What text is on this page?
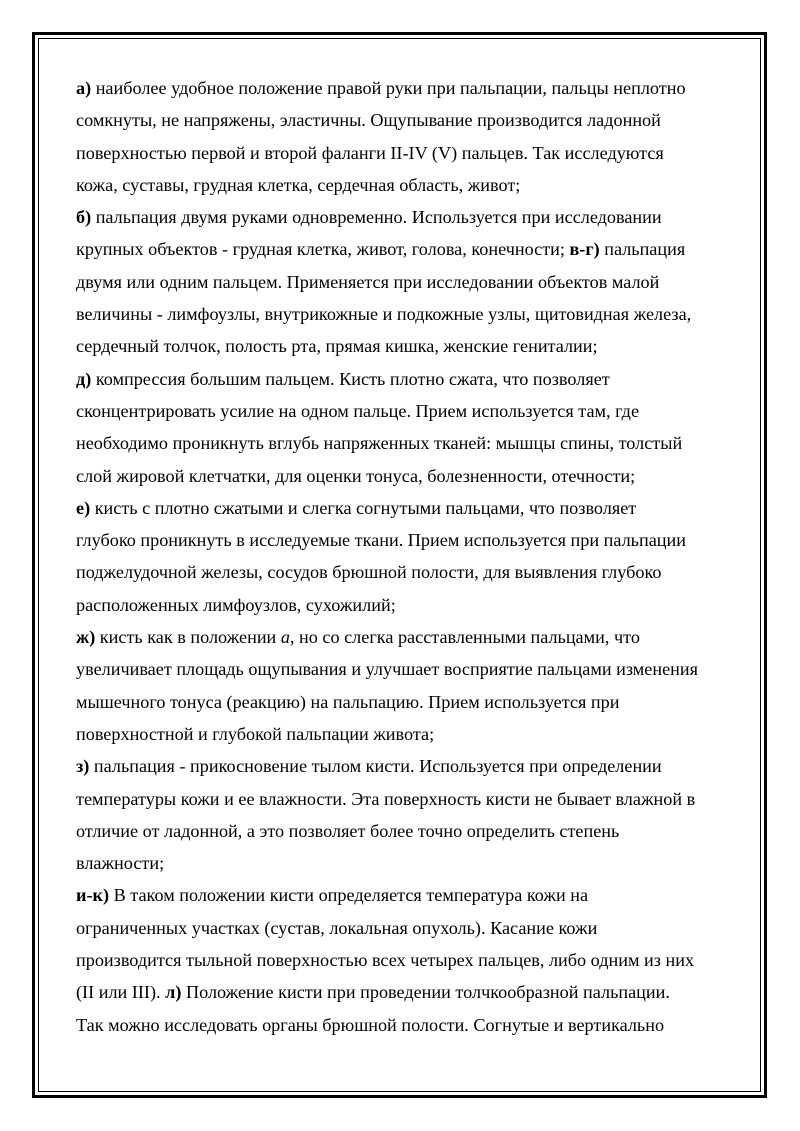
а) наиболее удобное положение правой руки при пальпации, пальцы неплотно
сомкнуты, не напряжены, эластичны. Ощупывание производится ладонной
поверхностью первой и второй фаланги II-IV (V) пальцев. Так исследуются
кожа, суставы, грудная клетка, сердечная область, живот;
б) пальпация двумя руками одновременно. Используется при исследовании
крупных объектов - грудная клетка, живот, голова, конечности; в-г) пальпация
двумя или одним пальцем. Применяется при исследовании объектов малой
величины - лимфоузлы, внутрикожные и подкожные узлы, щитовидная железа,
сердечный толчок, полость рта, прямая кишка, женские гениталии;
д) компрессия большим пальцем. Кисть плотно сжата, что позволяет
сконцентрировать усилие на одном пальце. Прием используется там, где
необходимо проникнуть вглубь напряженных тканей: мышцы спины, толстый
слой жировой клетчатки, для оценки тонуса, болезненности, отечности;
е) кисть с плотно сжатыми и слегка согнутыми пальцами, что позволяет
глубоко проникнуть в исследуемые ткани. Прием используется при пальпации
поджелудочной железы, сосудов брюшной полости, для выявления глубоко
расположенных лимфоузлов, сухожилий;
ж) кисть как в положении а, но со слегка расставленными пальцами, что
увеличивает площадь ощупывания и улучшает восприятие пальцами изменения
мышечного тонуса (реакцию) на пальпацию. Прием используется при
поверхностной и глубокой пальпации живота;
з) пальпация - прикосновение тылом кисти. Используется при определении
температуры кожи и ее влажности. Эта поверхность кисти не бывает влажной в
отличие от ладонной, а это позволяет более точно определить степень
влажности;
и-к) В таком положении кисти определяется температура кожи на
ограниченных участках (сустав, локальная опухоль). Касание кожи
производится тыльной поверхностью всех четырех пальцев, либо одним из них
(II или III). л) Положение кисти при проведении толчкообразной пальпации.
Так можно исследовать органы брюшной полости. Согнутые и вертикально
